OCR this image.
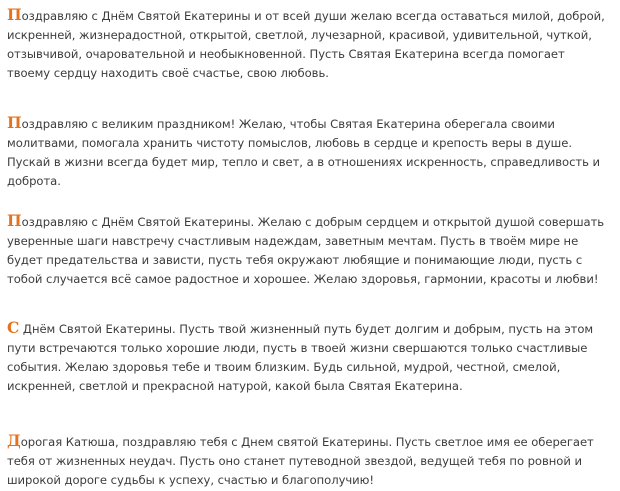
Поздравляю с Днём Святой Екатерины и от всей души желаю всегда оставаться милой, доброй, искренней, жизнерадостной, открытой, светлой, лучезарной, красивой, удивительной, чуткой, отзывчивой, очаровательной и необыкновенной. Пусть Святая Екатерина всегда помогает твоему сердцу находить своё счастье, свою любовь.

Поздравляю с великим праздником! Желаю, чтобы Святая Екатерина оберегала своими молитвами, помогала хранить чистоту помыслов, любовь в сердце и крепость веры в душе. Пускай в жизни всегда будет мир, тепло и свет, а в отношениях искренность, справедливость и доброта.

Поздравляю с Днём Святой Екатерины. Желаю с добрым сердцем и открытой душой совершать уверенные шаги навстречу счастливым надеждам, заветным мечтам. Пусть в твоём мире не будет предательства и зависти, пусть тебя окружают любящие и понимающие люди, пусть с тобой случается всё самое радостное и хорошее. Желаю здоровья, гармонии, красоты и любви!

С Днём Святой Екатерины. Пусть твой жизненный путь будет долгим и добрым, пусть на этом пути встречаются только хорошие люди, пусть в твоей жизни свершаются только счастливые события. Желаю здоровья тебе и твоим близким. Будь сильной, мудрой, честной, смелой, искренней, светлой и прекрасной натурой, какой была Святая Екатерина.

Дорогая Катюша, поздравляю тебя с Днем святой Екатерины. Пусть светлое имя ее оберегает тебя от жизненных неудач. Пусть оно станет путеводной звездой, ведущей тебя по ровной и широкой дороге судьбы к успеху, счастью и благополучию!
